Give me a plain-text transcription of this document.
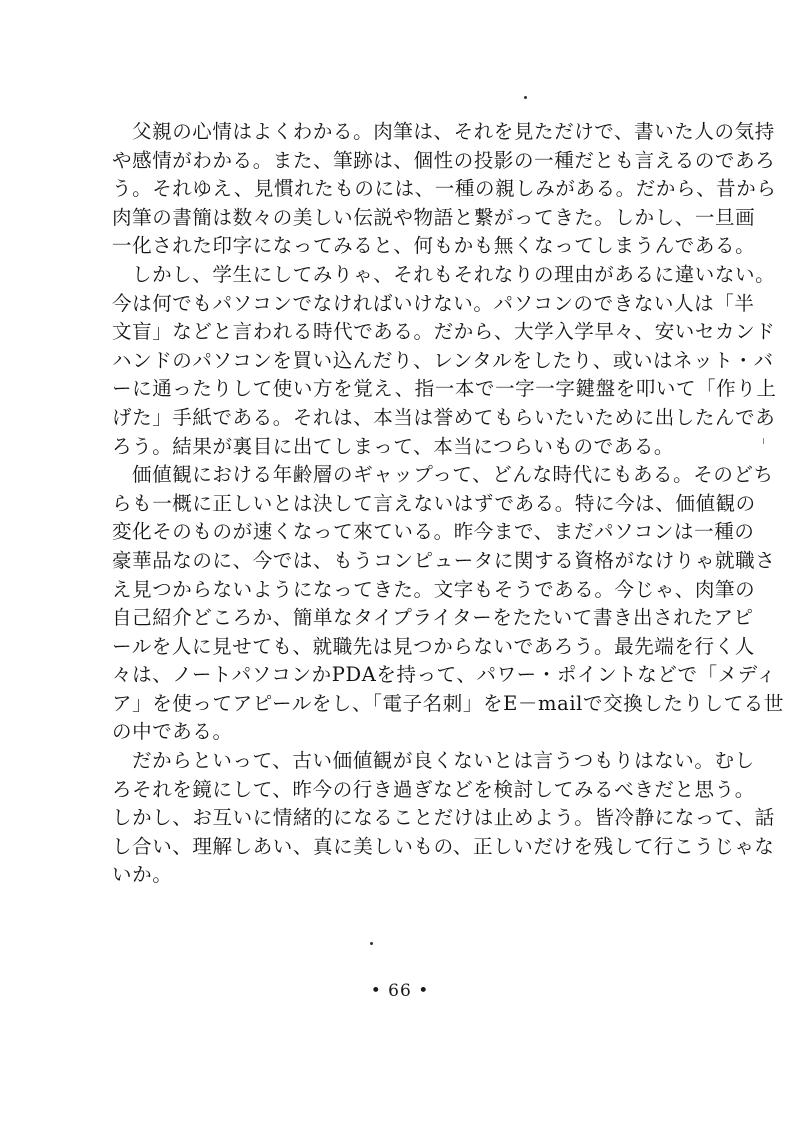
父親の心情はよくわかる。肉筆は、それを見ただけで、書いた人の気持
や感情がわかる。また、筆跡は、個性の投影の一種だとも言えるのであろ
う。それゆえ、見慣れたものには、一種の親しみがある。だから、昔から
肉筆の書簡は数々の美しい伝説や物語と繋がってきた。しかし、一旦画
一化された印字になってみると、何もかも無くなってしまうんである。
しかし、学生にしてみりゃ、それもそれなりの理由があるに違いない。
今は何でもパソコンでなければいけない。パソコンのできない人は「半
文盲」などと言われる時代である。だから、大学入学早々、安いセカンド
ハンドのパソコンを買い込んだり、レンタルをしたり、或いはネット・バ
ーに通ったりして使い方を覚え、指一本で一字一字鍵盤を叩いて「作り上
げた」手紙である。それは、本当は誉めてもらいたいために出したんであ
ろう。結果が裏目に出てしまって、本当につらいものである。
価値観における年齢層のギャップって、どんな時代にもある。そのどち
らも一概に正しいとは決して言えないはずである。特に今は、価値観の
変化そのものが速くなって來ている。昨今まで、まだパソコンは一種の
豪華品なのに、今では、もうコンピュータに関する資格がなけりゃ就職さ
え見つからないようになってきた。文字もそうである。今じゃ、肉筆の
自己紹介どころか、簡単なタイプライターをたたいて書き出されたアピ
ールを人に見せても、就職先は見つからないであろう。最先端を行く人
々は、ノートパソコンかPDAを持って、パワー・ポイントなどで「メディ
ア」を使ってアピールをし、「電子名刺」をE－mailで交換したりしてる世
の中である。
だからといって、古い価値観が良くないとは言うつもりはない。むし
ろそれを鏡にして、昨今の行き過ぎなどを検討してみるべきだと思う。
しかし、お互いに情緒的になることだけは止めよう。皆冷静になって、話
し合い、理解しあい、真に美しいもの、正しいだけを残して行こうじゃな
いか。
• 66 •
